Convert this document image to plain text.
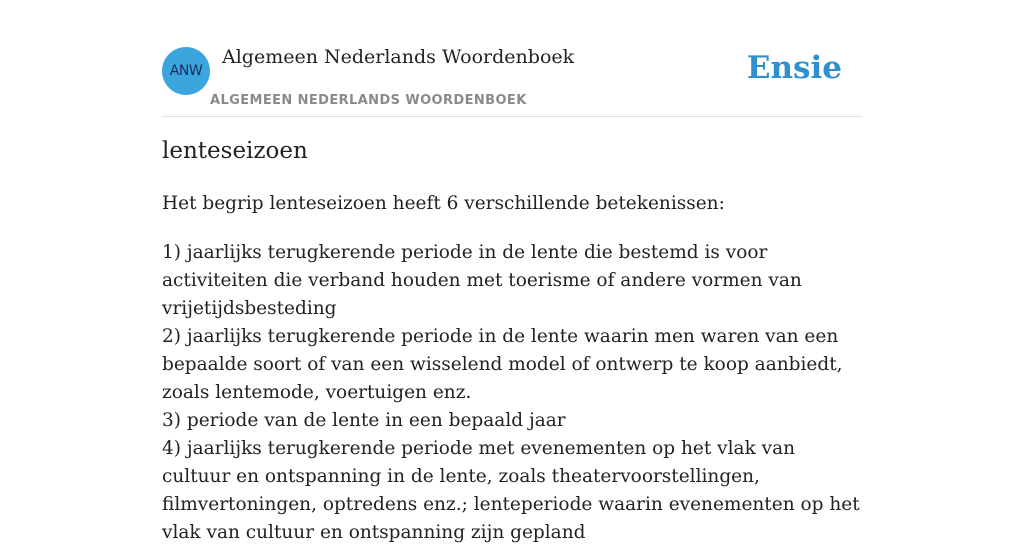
ANW
Algemeen Nederlands Woordenboek
ALGEMEEN NEDERLANDS WOORDENBOEK
Ensie
lenteseizoen

Het begrip lenteseizoen heeft 6 verschillende betekenissen:

1) jaarlijks terugkerende periode in de lente die bestemd is voor activiteiten die verband houden met toerisme of andere vormen van vrijetijdsbesteding
2) jaarlijks terugkerende periode in de lente waarin men waren van een bepaalde soort of van een wisselend model of ontwerp te koop aanbiedt, zoals lentemode, voertuigen enz.
3) periode van de lente in een bepaald jaar
4) jaarlijks terugkerende periode met evenementen op het vlak van cultuur en ontspanning in de lente, zoals theatervoorstellingen, filmvertoningen, optredens enz.; lenteperiode waarin evenementen op het vlak van cultuur en ontspanning zijn gepland
